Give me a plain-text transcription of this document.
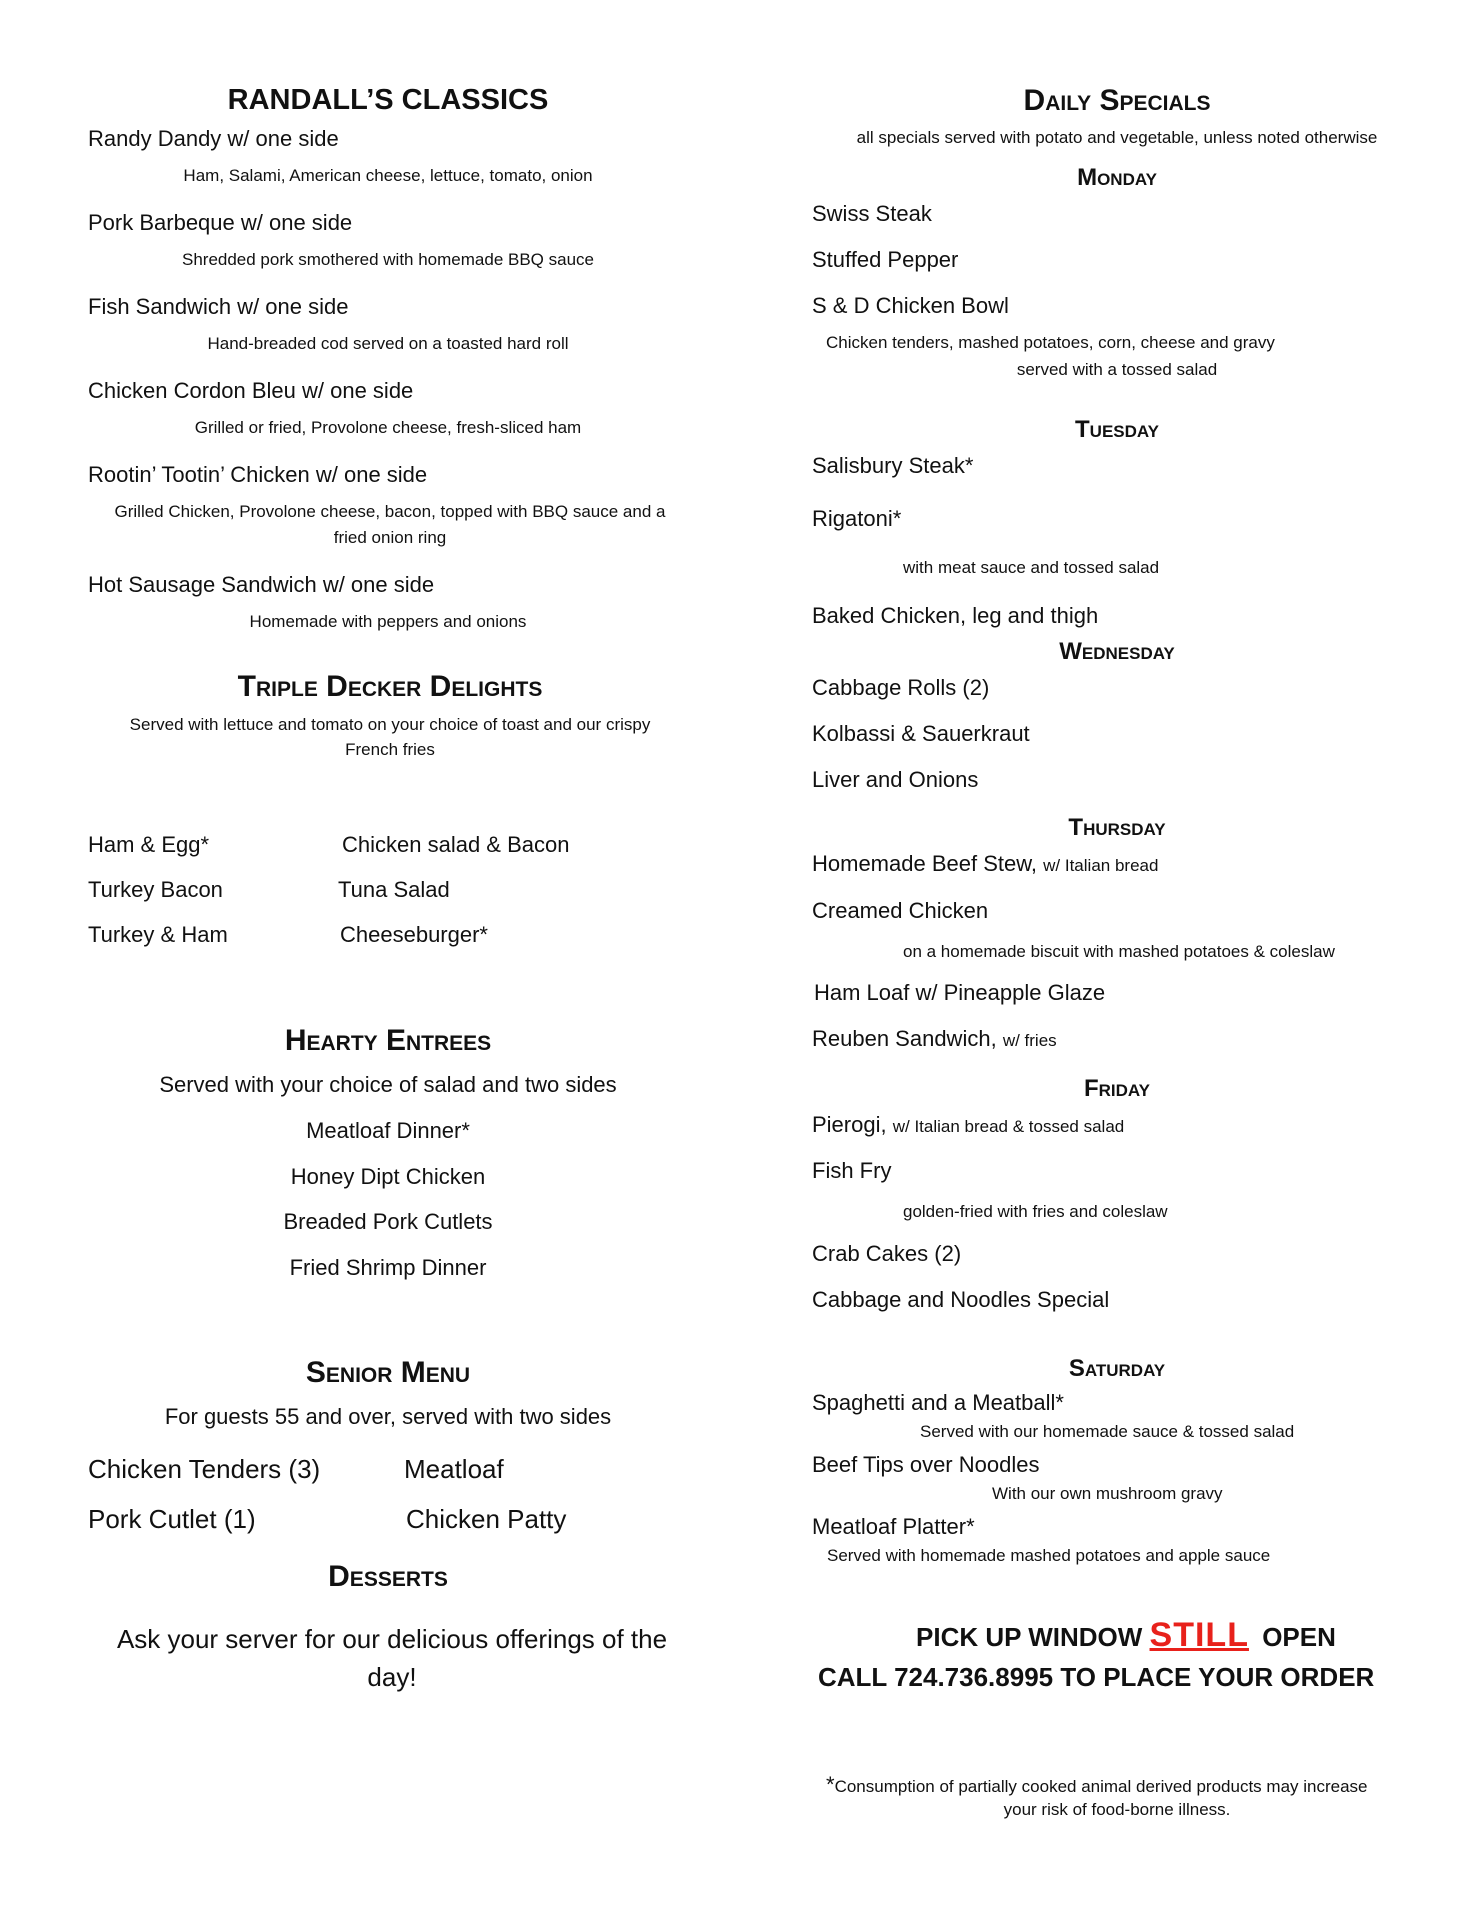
RANDALL’S CLASSICS
Randy Dandy w/ one side
Ham, Salami, American cheese, lettuce, tomato, onion
Pork Barbeque w/ one side
Shredded pork smothered with homemade BBQ sauce
Fish Sandwich w/ one side
Hand-breaded cod served on a toasted hard roll
Chicken Cordon Bleu w/ one side
Grilled or fried, Provolone cheese, fresh-sliced ham
Rootin’ Tootin’ Chicken w/ one side
Grilled Chicken, Provolone cheese, bacon, topped with BBQ sauce and a
fried onion ring
Hot Sausage Sandwich w/ one side
Homemade with peppers and onions
Triple Decker Delights
Served with lettuce and tomato on your choice of toast and our crispy
French fries
Ham & Egg*
Turkey Bacon
Turkey & Ham
Chicken salad & Bacon
Tuna Salad
Cheeseburger*
Hearty Entrees
Served with your choice of salad and two sides
Meatloaf Dinner*
Honey Dipt Chicken
Breaded Pork Cutlets
Fried Shrimp Dinner
Senior Menu
For guests 55 and over, served with two sides
Chicken Tenders (3)
Pork Cutlet (1)
Meatloaf
Chicken Patty
Desserts
Ask your server for our delicious offerings of the
day!
Daily Specials
all specials served with potato and vegetable, unless noted otherwise
Monday
Swiss Steak
Stuffed Pepper
S & D Chicken Bowl
Chicken tenders, mashed potatoes, corn, cheese and gravy
served with a tossed salad
Tuesday
Salisbury Steak*
Rigatoni*
with meat sauce and tossed salad
Baked Chicken, leg and thigh
Wednesday
Cabbage Rolls (2)
Kolbassi & Sauerkraut
Liver and Onions
Thursday
Homemade Beef Stew, w/ Italian bread
Creamed Chicken
on a homemade biscuit with mashed potatoes & coleslaw
Ham Loaf w/ Pineapple Glaze
Reuben Sandwich, w/ fries
Friday
Pierogi, w/ Italian bread & tossed salad
Fish Fry
golden-fried with fries and coleslaw
Crab Cakes (2)
Cabbage and Noodles Special
Saturday
Spaghetti and a Meatball*
Served with our homemade sauce & tossed salad
Beef Tips over Noodles
With our own mushroom gravy
Meatloaf Platter*
Served with homemade mashed potatoes and apple sauce
PICK UP WINDOW STILL OPEN
CALL 724.736.8995 TO PLACE YOUR ORDER
*Consumption of partially cooked animal derived products may increase
your risk of food-borne illness.
